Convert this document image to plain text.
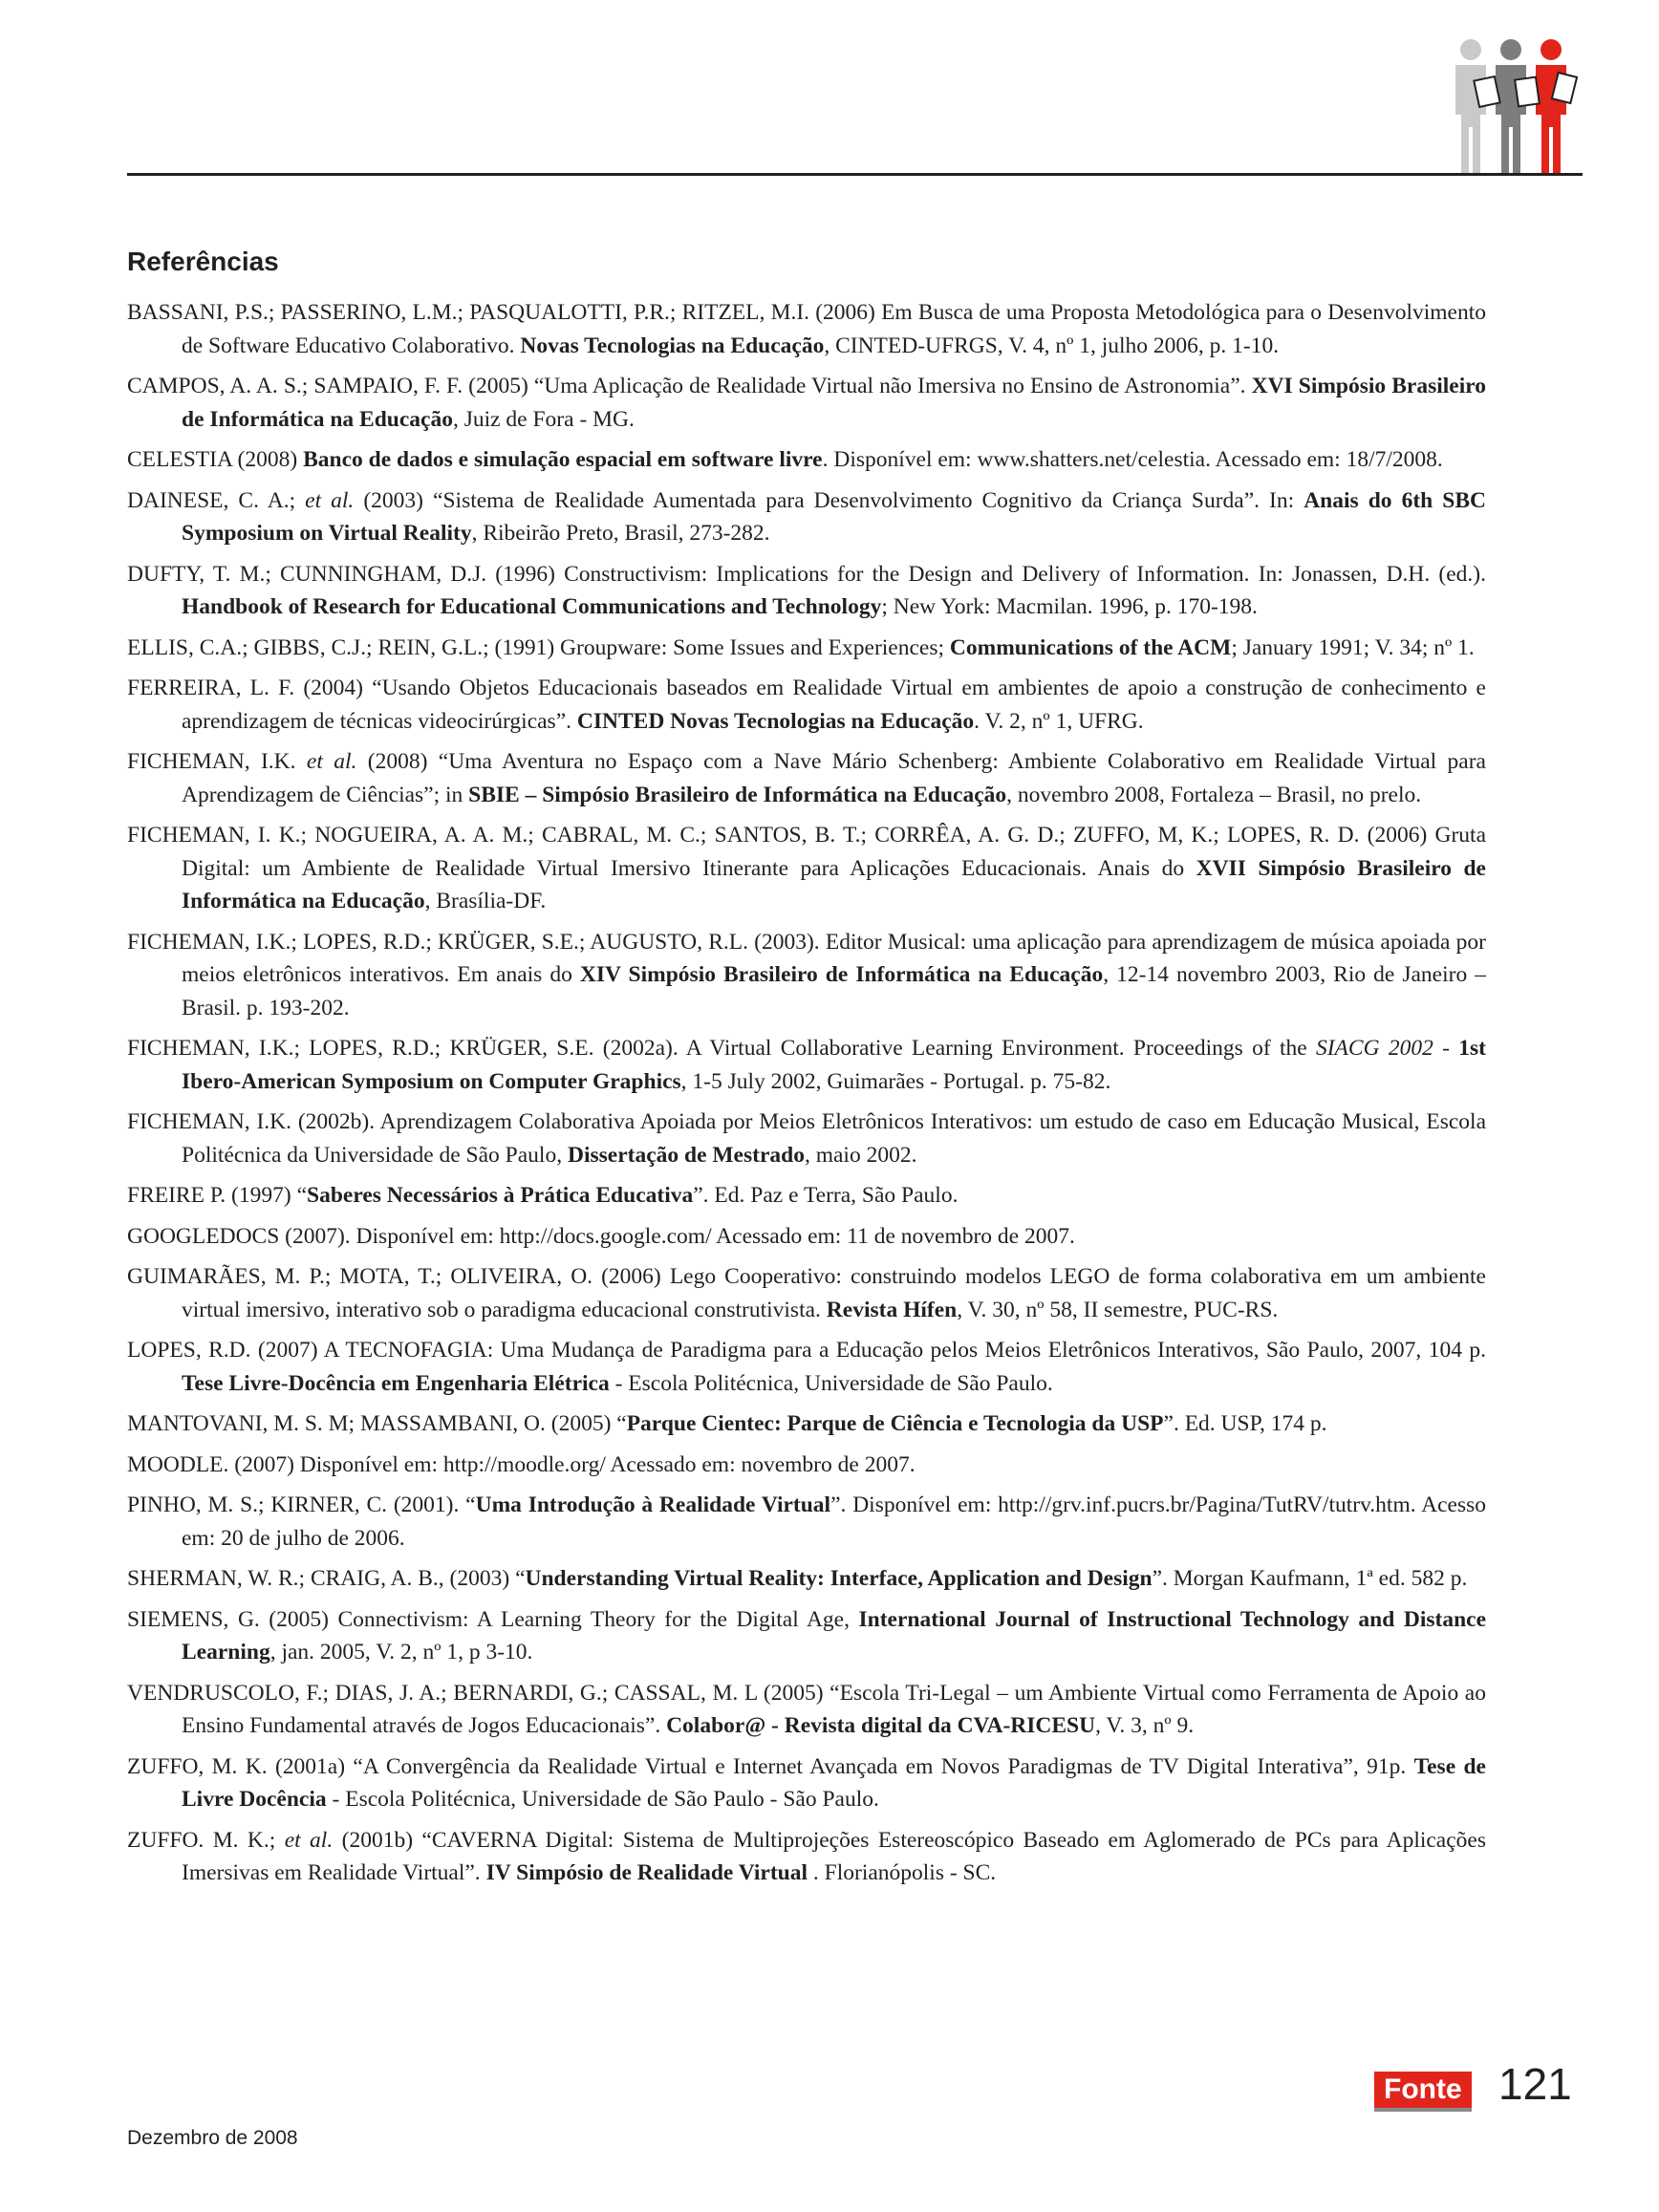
Referências
BASSANI, P.S.; PASSERINO, L.M.; PASQUALOTTI, P.R.; RITZEL, M.I. (2006) Em Busca de uma Proposta Metodológica para o Desenvolvimento de Software Educativo Colaborativo. Novas Tecnologias na Educação, CINTED-UFRGS, V. 4, nº 1, julho 2006, p. 1-10.
CAMPOS, A. A. S.; SAMPAIO, F. F. (2005) “Uma Aplicação de Realidade Virtual não Imersiva no Ensino de Astronomia”. XVI Simpósio Brasileiro de Informática na Educação, Juiz de Fora - MG.
CELESTIA (2008) Banco de dados e simulação espacial em software livre. Disponível em: www.shatters.net/celestia. Acessado em: 18/7/2008.
DAINESE, C. A.; et al. (2003) “Sistema de Realidade Aumentada para Desenvolvimento Cognitivo da Criança Surda”. In: Anais do 6th SBC Symposium on Virtual Reality, Ribeirão Preto, Brasil, 273-282.
DUFTY, T. M.; CUNNINGHAM, D.J. (1996) Constructivism: Implications for the Design and Delivery of Information. In: Jonassen, D.H. (ed.). Handbook of Research for Educational Communications and Technology; New York: Macmilan. 1996, p. 170-198.
ELLIS, C.A.; GIBBS, C.J.; REIN, G.L.; (1991) Groupware: Some Issues and Experiences; Communications of the ACM; January 1991; V. 34; nº 1.
FERREIRA, L. F. (2004) “Usando Objetos Educacionais baseados em Realidade Virtual em ambientes de apoio a construção de conhecimento e aprendizagem de técnicas videocirúrgicas”. CINTED Novas Tecnologias na Educação. V. 2, nº 1, UFRG.
FICHEMAN, I.K. et al. (2008) “Uma Aventura no Espaço com a Nave Mário Schenberg: Ambiente Colaborativo em Realidade Virtual para Aprendizagem de Ciências”; in SBIE – Simpósio Brasileiro de Informática na Educação, novembro 2008, Fortaleza – Brasil, no prelo.
FICHEMAN, I. K.; NOGUEIRA, A. A. M.; CABRAL, M. C.; SANTOS, B. T.; CORRÊA, A. G. D.; ZUFFO, M, K.; LOPES, R. D. (2006) Gruta Digital: um Ambiente de Realidade Virtual Imersivo Itinerante para Aplicações Educacionais. Anais do XVII Simpósio Brasileiro de Informática na Educação, Brasília-DF.
FICHEMAN, I.K.; LOPES, R.D.; KRÜGER, S.E.; AUGUSTO, R.L. (2003). Editor Musical: uma aplicação para aprendizagem de música apoiada por meios eletrônicos interativos. Em anais do XIV Simpósio Brasileiro de Informática na Educação, 12-14 novembro 2003, Rio de Janeiro – Brasil. p. 193-202.
FICHEMAN, I.K.; LOPES, R.D.; KRÜGER, S.E. (2002a). A Virtual Collaborative Learning Environment. Proceedings of the SIACG 2002 - 1st Ibero-American Symposium on Computer Graphics, 1-5 July 2002, Guimarães - Portugal. p. 75-82.
FICHEMAN, I.K. (2002b). Aprendizagem Colaborativa Apoiada por Meios Eletrônicos Interativos: um estudo de caso em Educação Musical, Escola Politécnica da Universidade de São Paulo, Dissertação de Mestrado, maio 2002.
FREIRE P. (1997) “Saberes Necessários à Prática Educativa”. Ed. Paz e Terra, São Paulo.
GOOGLEDOCS (2007). Disponível em: http://docs.google.com/ Acessado em: 11 de novembro de 2007.
GUIMARÃES, M. P.; MOTA, T.; OLIVEIRA, O. (2006) Lego Cooperativo: construindo modelos LEGO de forma colaborativa em um ambiente virtual imersivo, interativo sob o paradigma educacional construtivista. Revista Hífen, V. 30, nº 58, II semestre, PUC-RS.
LOPES, R.D. (2007) A TECNOFAGIA: Uma Mudança de Paradigma para a Educação pelos Meios Eletrônicos Interativos, São Paulo, 2007, 104 p. Tese Livre-Docência em Engenharia Elétrica - Escola Politécnica, Universidade de São Paulo.
MANTOVANI, M. S. M; MASSAMBANI, O. (2005) “Parque Cientec: Parque de Ciência e Tecnologia da USP”. Ed. USP, 174 p.
MOODLE. (2007) Disponível em: http://moodle.org/ Acessado em: novembro de 2007.
PINHO, M. S.; KIRNER, C. (2001). “Uma Introdução à Realidade Virtual”. Disponível em: http://grv.inf.pucrs.br/Pagina/TutRV/tutrv.htm. Acesso em: 20 de julho de 2006.
SHERMAN, W. R.; CRAIG, A. B., (2003) “Understanding Virtual Reality: Interface, Application and Design”. Morgan Kaufmann, 1ª ed. 582 p.
SIEMENS, G. (2005) Connectivism: A Learning Theory for the Digital Age, International Journal of Instructional Technology and Distance Learning, jan. 2005, V. 2, nº 1, p 3-10.
VENDRUSCOLO, F.; DIAS, J. A.; BERNARDI, G.; CASSAL, M. L (2005) “Escola Tri-Legal – um Ambiente Virtual como Ferramenta de Apoio ao Ensino Fundamental através de Jogos Educacionais”. Colabor@ - Revista digital da CVA-RICESU, V. 3, nº 9.
ZUFFO, M. K. (2001a) “A Convergência da Realidade Virtual e Internet Avançada em Novos Paradigmas de TV Digital Interativa”, 91p. Tese de Livre Docência - Escola Politécnica, Universidade de São Paulo - São Paulo.
ZUFFO. M. K.; et al. (2001b) “CAVERNA Digital: Sistema de Multiprojeções Estereoscópico Baseado em Aglomerado de PCs para Aplicações Imersivas em Realidade Virtual”. IV Simpósio de Realidade Virtual . Florianópolis - SC.
Dezembro de 2008
Fonte 121
